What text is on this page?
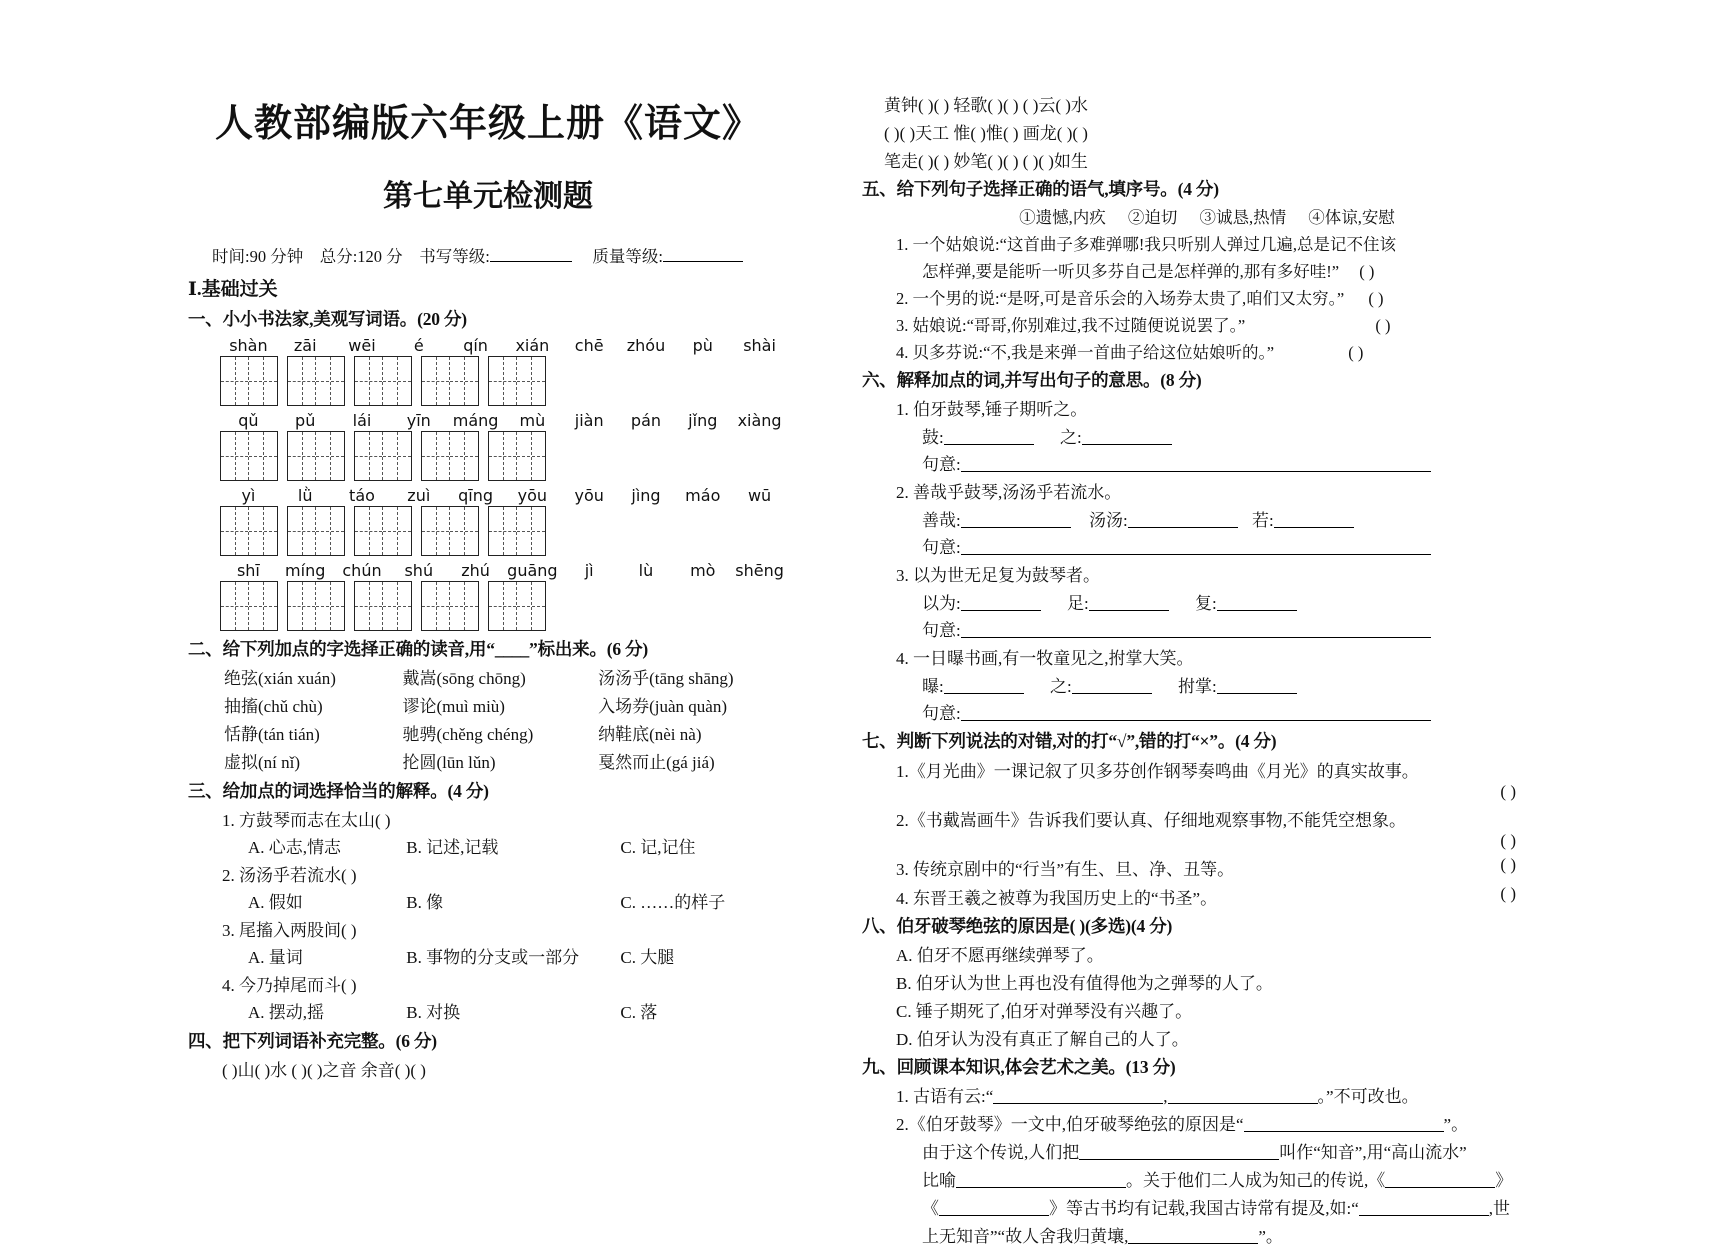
人教部编版六年级上册《语文》
第七单元检测题
时间:90 分钟 总分:120 分 书写等级:	质量等级:
Ⅰ.基础过关
一、小小书法家,美观写词语。(20 分)
shàn	zāi	wēi	é	qín	xián	chē	zhóu	pù	shài
qǔ	pǔ	lái	yīn	máng	mù	jiàn	pán	jǐng	xiàng
yì	lǜ	táo	zuì	qīng	yōu	yōu	jìng	máo	wū
shī	míng	chún	shú	zhú	guāng	jì	lù	mò	shēng
二、给下列加点的字选择正确的读音,用“____”标出来。(6 分)
绝弦(xián xuán)	戴嵩(sōng chōng)	汤汤乎(tāng shāng)
抽搐(chǔ chù)	谬论(muì miù)	入场券(juàn quàn)
恬静(tán tián)	驰骋(chěng chéng)	纳鞋底(nèi nà)
虚拟(ní nǐ)	抡圆(lūn lǔn)	戛然而止(gá jiá)
三、给加点的词选择恰当的解释。(4 分)
1. 方鼓琴而志在太山( )
A. 心志,情志	B. 记述,记载	C. 记,记住
2. 汤汤乎若流水( )
A. 假如	B. 像	C. ……的样子
3. 尾搐入两股间( )
A. 量词	B. 事物的分支或一部分	C. 大腿
4. 今乃掉尾而斗( )
A. 摆动,摇	B. 对换	C. 落
四、把下列词语补充完整。(6 分)
( )山( )水 ( )( )之音 余音( )( )
黄钟( )( ) 轻歌( )( ) ( )云( )水
( )( )天工 惟( )惟( ) 画龙( )( )
笔走( )( ) 妙笔( )( ) ( )( )如生
五、给下列句子选择正确的语气,填序号。(4 分)
①遗憾,内疚 ②迫切 ③诚恳,热情 ④体谅,安慰
1. 一个姑娘说:“这首曲子多难弹哪!我只听别人弹过几遍,总是记不住该
怎样弹,要是能听一听贝多芬自己是怎样弹的,那有多好哇!” ( )
2. 一个男的说:“是呀,可是音乐会的入场券太贵了,咱们又太穷。” ( )
3. 姑娘说:“哥哥,你别难过,我不过随便说说罢了。”	( )
4. 贝多芬说:“不,我是来弹一首曲子给这位姑娘听的。”	( )
六、解释加点的词,并写出句子的意思。(8 分)
1. 伯牙鼓琴,锤子期听之。
鼓:	之:
句意:
2. 善哉乎鼓琴,汤汤乎若流水。
善哉:	汤汤:	若:
句意:
3. 以为世无足复为鼓琴者。
以为:	足:	复:
句意:
4. 一日曝书画,有一牧童见之,拊掌大笑。
曝:	之:	拊掌:
句意:
七、判断下列说法的对错,对的打“√”,错的打“×”。(4 分)
1.《月光曲》一课记叙了贝多芬创作钢琴奏鸣曲《月光》的真实故事。
( )
2.《书戴嵩画牛》告诉我们要认真、仔细地观察事物,不能凭空想象。
( )
3. 传统京剧中的“行当”有生、旦、净、丑等。	( )
4. 东晋王羲之被尊为我国历史上的“书圣”。	( )
八、伯牙破琴绝弦的原因是( )(多选)(4 分)
A. 伯牙不愿再继续弹琴了。
B. 伯牙认为世上再也没有值得他为之弹琴的人了。
C. 锤子期死了,伯牙对弹琴没有兴趣了。
D. 伯牙认为没有真正了解自己的人了。
九、回顾课本知识,体会艺术之美。(13 分)
1. 古语有云:“	,	。”不可改也。
2.《伯牙鼓琴》一文中,伯牙破琴绝弦的原因是“	”。
由于这个传说,人们把	叫作“知音”,用“高山流水”
比喻	。关于他们二人成为知己的传说,《	》
《	》等古书均有记载,我国古诗常有提及,如:“	,世
上无知音”“故人舍我归黄壤,	”。
